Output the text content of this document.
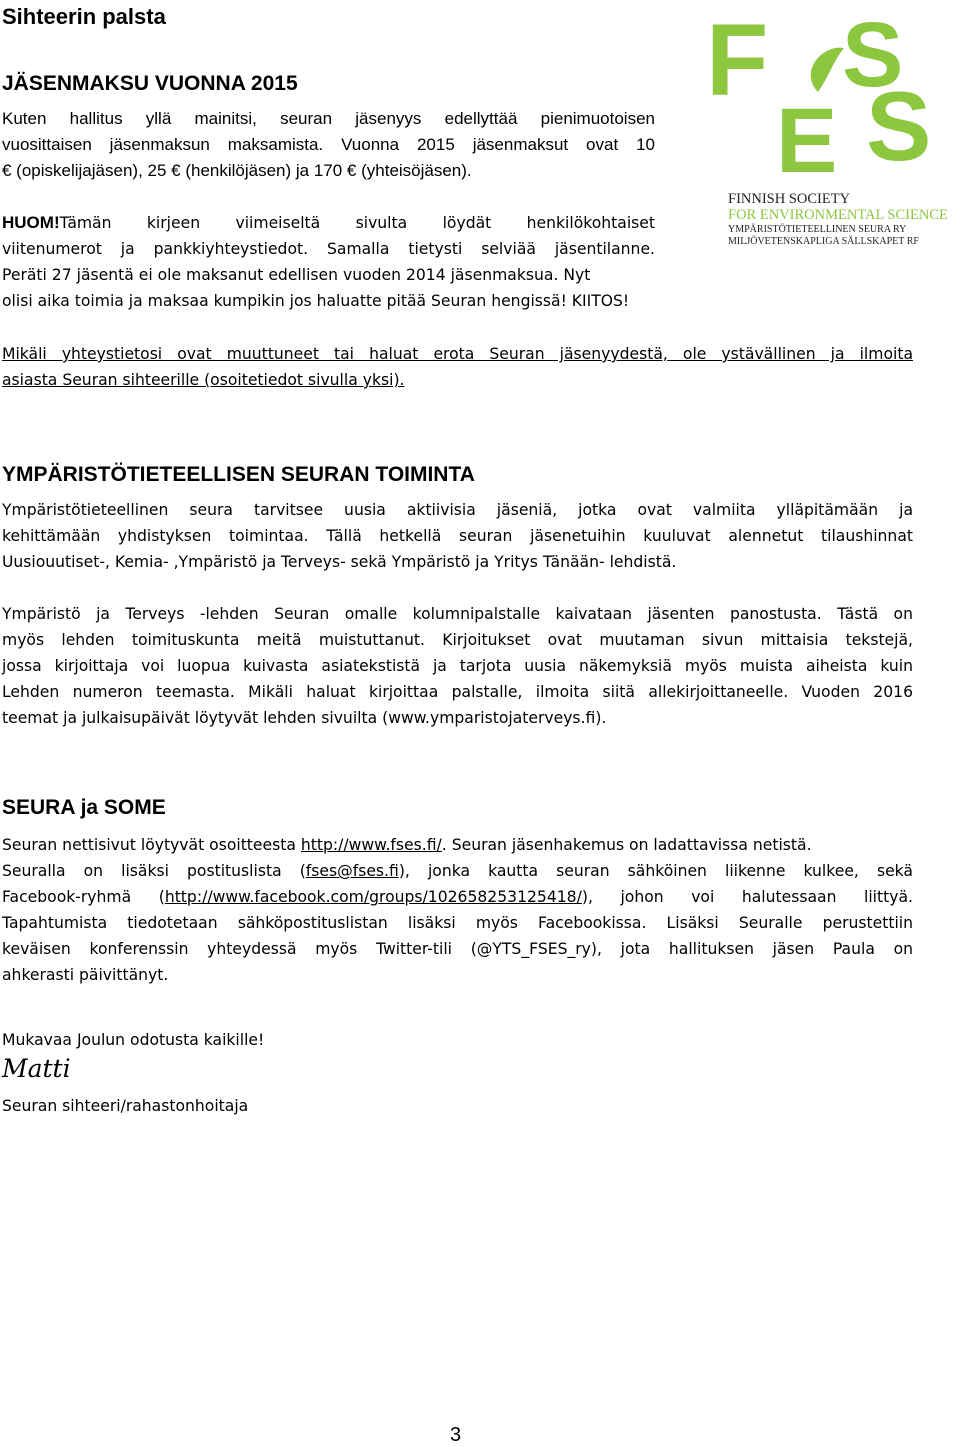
Sihteerin palsta
JÄSENMAKSU VUONNA 2015
Kuten hallitus yllä mainitsi, seuran jäsenyys edellyttää pienimuotoisen
vuosittaisen jäsenmaksun maksamista. Vuonna 2015 jäsenmaksut ovat 10
€ (opiskelijajäsen), 25 € (henkilöjäsen) ja 170 € (yhteisöjäsen).
HUOM! Tämän kirjeen viimeiseltä sivulta löydät henkilökohtaiset
viitenumerot ja pankkiyhteystiedot. Samalla tietysti selviää jäsentilanne.
Peräti 27 jäsentä ei ole maksanut edellisen vuoden 2014 jäsenmaksua. Nyt
olisi aika toimia ja maksaa kumpikin jos haluatte pitää Seuran hengissä! KIITOS!
F S
E S
FINNISH SOCIETY
FOR ENVIRONMENTAL SCIENCE
YMPÄRISTÖTIETEELLINEN SEURA RY
MILJÖVETENSKAPLIGA SÄLLSKAPET RF
Mikäli yhteystietosi ovat muuttuneet tai haluat erota Seuran jäsenyydestä, ole ystävällinen ja ilmoita
asiasta Seuran sihteerille (osoitetiedot sivulla yksi).
YMPÄRISTÖTIETEELLISEN SEURAN TOIMINTA
Ympäristötieteellinen seura tarvitsee uusia aktiivisia jäseniä, jotka ovat valmiita ylläpitämään ja
kehittämään yhdistyksen toimintaa. Tällä hetkellä seuran jäsenetuihin kuuluvat alennetut tilaushinnat
Uusiouutiset-, Kemia- ,Ympäristö ja Terveys- sekä Ympäristö ja Yritys Tänään- lehdistä.
Ympäristö ja Terveys -lehden Seuran omalle kolumnipalstalle kaivataan jäsenten panostusta. Tästä on
myös lehden toimituskunta meitä muistuttanut. Kirjoitukset ovat muutaman sivun mittaisia tekstejä,
jossa kirjoittaja voi luopua kuivasta asiatekstistä ja tarjota uusia näkemyksiä myös muista aiheista kuin
Lehden numeron teemasta. Mikäli haluat kirjoittaa palstalle, ilmoita siitä allekirjoittaneelle. Vuoden 2016
teemat ja julkaisupäivät löytyvät lehden sivuilta (www.ymparistojaterveys.fi).
SEURA ja SOME
Seuran nettisivut löytyvät osoitteesta http://www.fses.fi/. Seuran jäsenhakemus on ladattavissa netistä.
Seuralla on lisäksi postituslista (fses@fses.fi), jonka kautta seuran sähköinen liikenne kulkee, sekä
Facebook-ryhmä (http://www.facebook.com/groups/102658253125418/), johon voi halutessaan liittyä.
Tapahtumista tiedotetaan sähköpostituslistan lisäksi myös Facebookissa. Lisäksi Seuralle perustettiin
keväisen konferenssin yhteydessä myös Twitter-tili (@YTS_FSES_ry), jota hallituksen jäsen Paula on
ahkerasti päivittänyt.
Mukavaa Joulun odotusta kaikille!
Matti
Seuran sihteeri/rahastonhoitaja
3
